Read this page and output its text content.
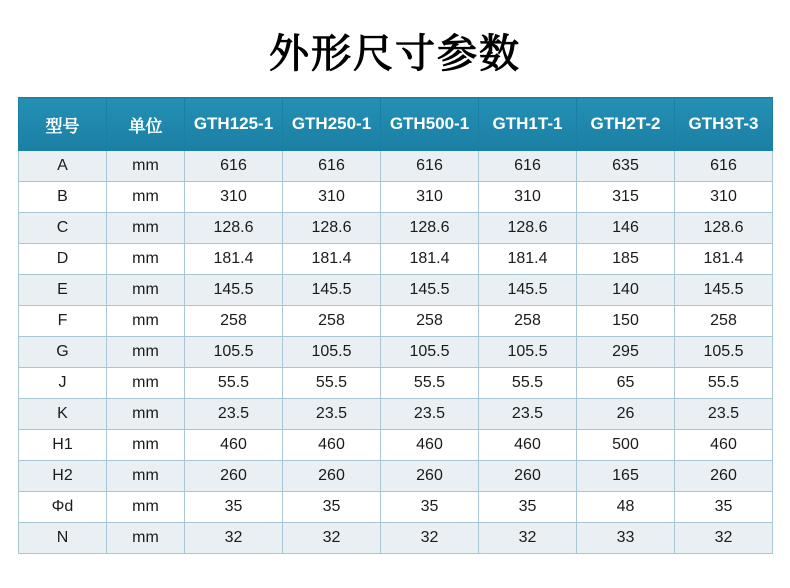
外形尺寸参数
型号	单位	GTH125-1	GTH250-1	GTH500-1	GTH1T-1	GTH2T-2	GTH3T-3
A	mm	616	616	616	616	635	616
B	mm	310	310	310	310	315	310
C	mm	128.6	128.6	128.6	128.6	146	128.6
D	mm	181.4	181.4	181.4	181.4	185	181.4
E	mm	145.5	145.5	145.5	145.5	140	145.5
F	mm	258	258	258	258	150	258
G	mm	105.5	105.5	105.5	105.5	295	105.5
J	mm	55.5	55.5	55.5	55.5	65	55.5
K	mm	23.5	23.5	23.5	23.5	26	23.5
H1	mm	460	460	460	460	500	460
H2	mm	260	260	260	260	165	260
Φd	mm	35	35	35	35	48	35
N	mm	32	32	32	32	33	32
